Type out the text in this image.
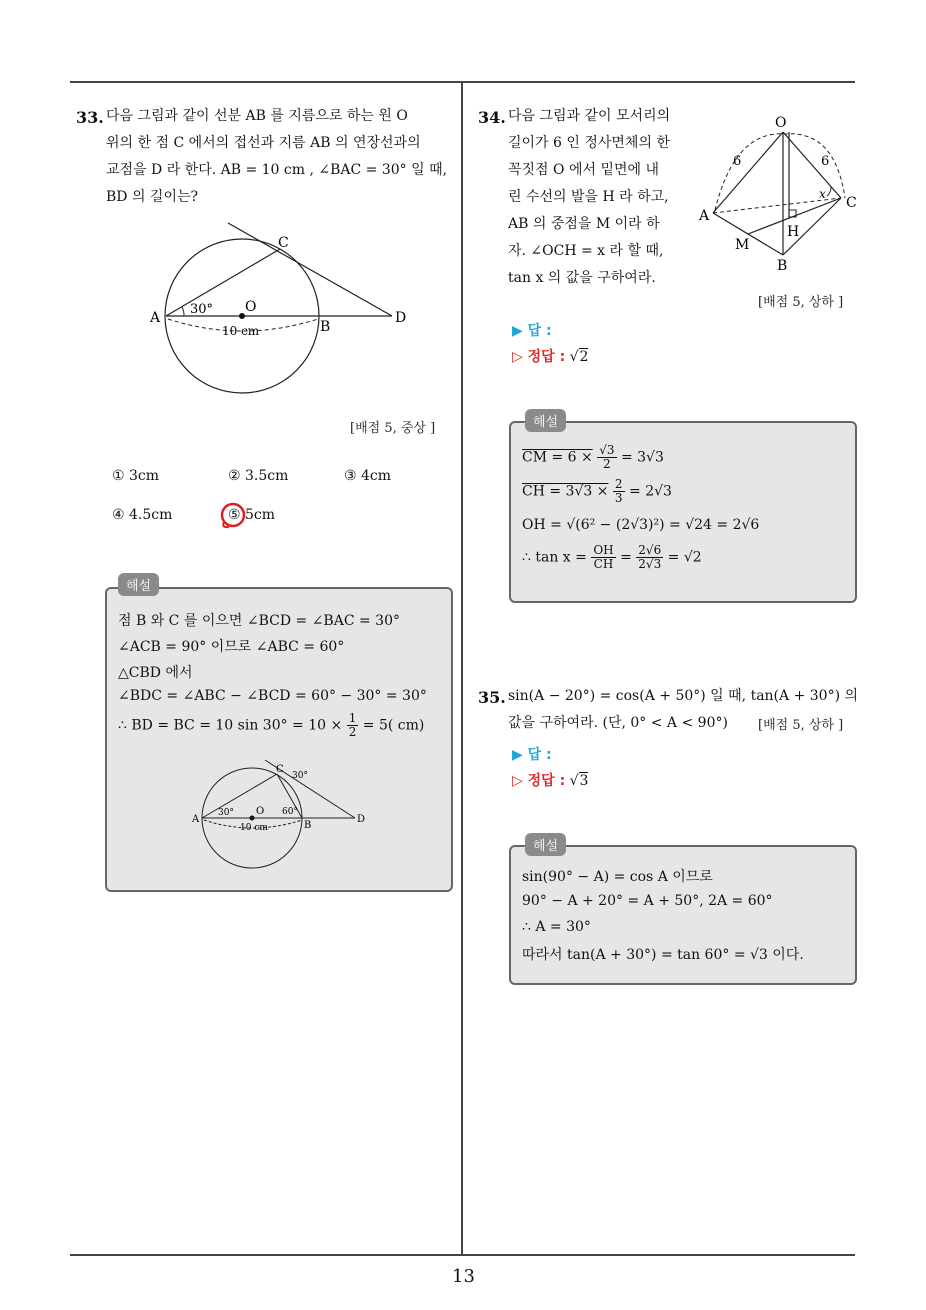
13
33. 다음 그림과 같이 선분 AB 를 지름으로 하는 원 O
위의 한 점 C 에서의 접선과 지름 AB 의 연장선과의
교점을 D 라 한다. AB = 10 cm , ∠BAC = 30° 일 때,
BD 의 길이는?
A
B
C
D
O
30°
10 cm
[배점 5, 중상 ]
① 3cm	② 3.5cm	③ 4cm
④ 4.5cm	⑤ 5cm
해설
점 B 와 C 를 이으면 ∠BCD = ∠BAC = 30°
∠ACB = 90° 이므로 ∠ABC = 60°
△CBD 에서
∠BDC = ∠ABC − ∠BCD = 60° − 30° = 30°
∴ BD = BC = 10 $\sin 30^\circ = 10 \times \frac{1}{2} = 5$( cm)
A
B
C
D
O
30°
30°
60°
10 cm
34. 다음 그림과 같이 모서리의
길이가 6 인 정사면체의 한
꼭짓점 O 에서 밑면에 내
린 수선의 발을 H 라 하고,
AB 의 중점을 M 이라 하
자. ∠OCH = x 라 할 때,
tan x 의 값을 구하여라.
O
A
B
C
H
M
6	6
x
[배점 5, 상하 ]
▶ 답 :
▷ 정답 : √2
해설
CM = $6 \times \frac{√3}{2} = 3√3$
CH = $3√3 \times \frac{2}{3} = 2√3$
OH = √(6² − (2√3)²) = √24 = 2√6
∴ $\tan x = \frac{OH}{CH} = \frac{2√6}{2√3} = √2$
35. sin(A − 20°) = cos(A + 50°) 일 때, tan(A + 30°) 의
값을 구하여라. (단, 0° < A < 90°)	[배점 5, 상하 ]
▶ 답 :
▷ 정답 : √3
해설
sin(90° − A) = cos A 이므로
90° − A + 20° = A + 50°, 2A = 60°
∴ A = 30°
따라서 tan(A + 30°) = tan 60° = √3 이다.
